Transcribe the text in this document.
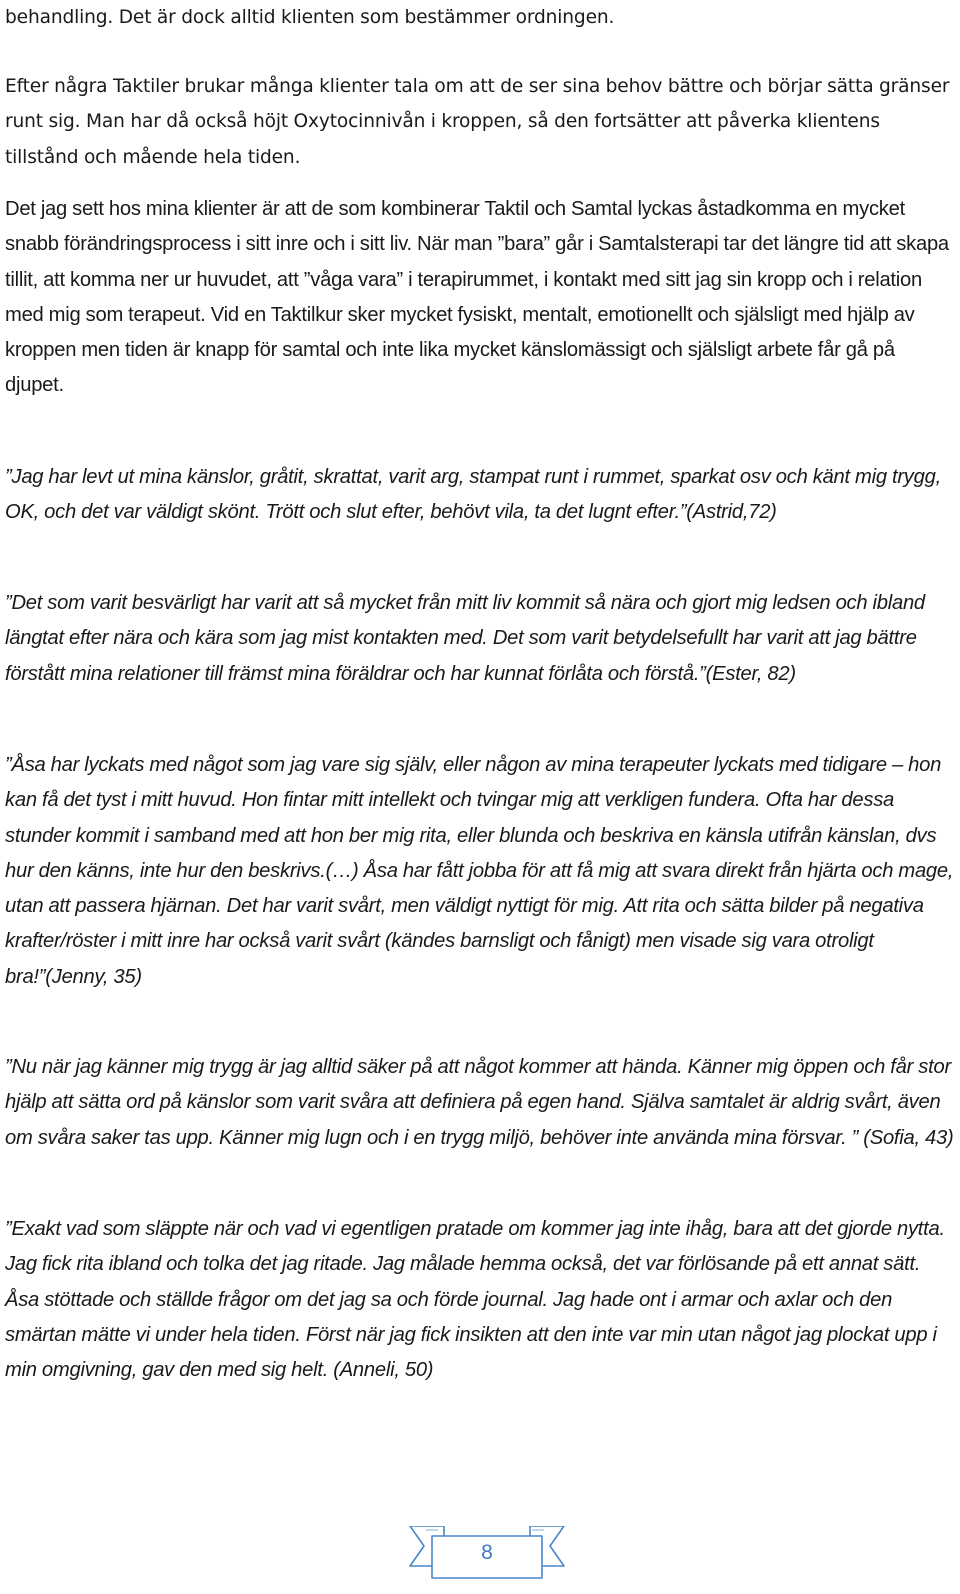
behandling. Det är dock alltid klienten som bestämmer ordningen.

Efter några Taktiler brukar många klienter tala om att de ser sina behov bättre och börjar sätta gränser runt sig. Man har då också höjt Oxytocinnivån i kroppen, så den fortsätter att påverka klientens tillstånd och mående hela tiden.

Det jag sett hos mina klienter är att de som kombinerar Taktil och Samtal lyckas åstadkomma en mycket snabb förändringsprocess i sitt inre och i sitt liv. När man ”bara” går i Samtalsterapi tar det längre tid att skapa tillit, att komma ner ur huvudet, att ”våga vara” i terapirummet, i kontakt med sitt jag sin kropp och i relation med mig som terapeut. Vid en Taktilkur sker mycket fysiskt, mentalt, emotionellt och själsligt med hjälp av kroppen men tiden är knapp för samtal och inte lika mycket känslomässigt och själsligt arbete får gå på djupet.

”Jag har levt ut mina känslor, gråtit, skrattat, varit arg, stampat runt i rummet, sparkat osv och känt mig trygg, OK, och det var väldigt skönt. Trött och slut efter, behövt vila, ta det lugnt efter.”(Astrid,72)

”Det som varit besvärligt har varit att så mycket från mitt liv kommit så nära och gjort mig ledsen och ibland längtat efter nära och kära som jag mist kontakten med. Det som varit betydelsefullt har varit att jag bättre förstått mina relationer till främst mina föräldrar och har kunnat förlåta och förstå.”(Ester, 82)

”Åsa har lyckats med något som jag vare sig själv, eller någon av mina terapeuter lyckats med tidigare – hon kan få det tyst i mitt huvud. Hon fintar mitt intellekt och tvingar mig att verkligen fundera. Ofta har dessa stunder kommit i samband med att hon ber mig rita, eller blunda och beskriva en känsla utifrån känslan, dvs hur den känns, inte hur den beskrivs.(…) Åsa har fått jobba för att få mig att svara direkt från hjärta och mage, utan att passera hjärnan. Det har varit svårt, men väldigt nyttigt för mig. Att rita och sätta bilder på negativa krafter/röster i mitt inre har också varit svårt (kändes barnsligt och fånigt) men visade sig vara otroligt bra!”(Jenny, 35)

”Nu när jag känner mig trygg är jag alltid säker på att något kommer att hända. Känner mig öppen och får stor hjälp att sätta ord på känslor som varit svåra att definiera på egen hand. Själva samtalet är aldrig svårt, även om svåra saker tas upp. Känner mig lugn och i en trygg miljö, behöver inte använda mina försvar. ” (Sofia, 43)

”Exakt vad som släppte när och vad vi egentligen pratade om kommer jag inte ihåg, bara att det gjorde nytta. Jag fick rita ibland och tolka det jag ritade. Jag målade hemma också, det var förlösande på ett annat sätt. Åsa stöttade och ställde frågor om det jag sa och förde journal. Jag hade ont i armar och axlar och den smärtan mätte vi under hela tiden. Först när jag fick insikten att den inte var min utan något jag plockat upp i min omgivning, gav den med sig helt. (Anneli, 50)

8
